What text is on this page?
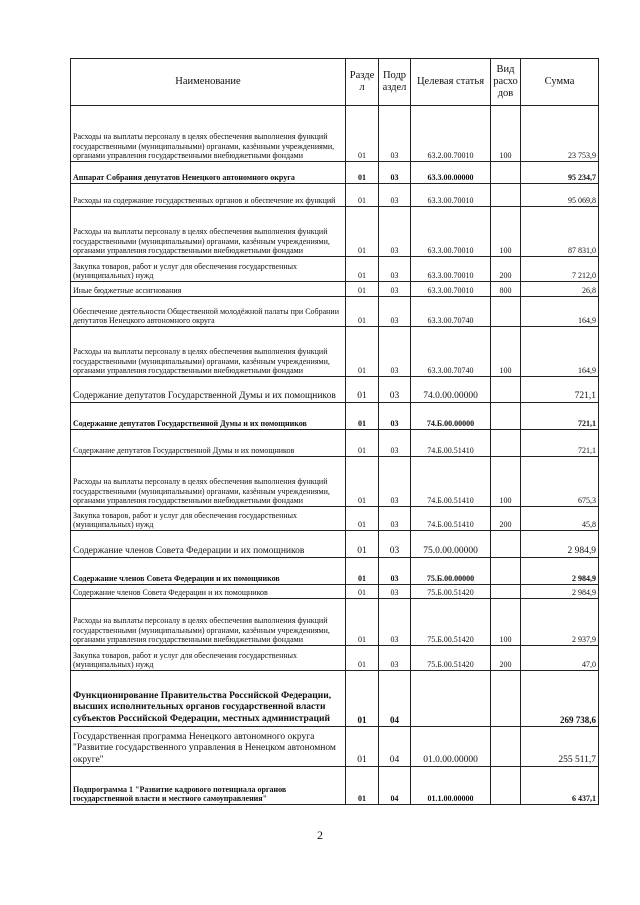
Наименование	Разде л	Подр аздел	Целевая статья	Вид расхо дов	Сумма
Расходы на выплаты персоналу в целях обеспечения выполнения функций государственными (муниципальными) органами, казёнными учреждениями, органами управления государственными внебюджетными фондами	01	03	63.2.00.70010	100	23 753,9
Аппарат Собрания депутатов Ненецкого автономного округа	01	03	63.3.00.00000		95 234,7
Расходы на содержание государственных органов и обеспечение их функций	01	03	63.3.00.70010		95 069,8
Расходы на выплаты персоналу в целях обеспечения выполнения функций государственными (муниципальными) органами, казённым учреждениями, органами управления государственными внебюджетными фондами	01	03	63.3.00.70010	100	87 831,0
Закупка товаров, работ и услуг для обеспечения государственных (муниципальных) нужд	01	03	63.3.00.70010	200	7 212,0
Иные бюджетные ассигнования	01	03	63.3.00.70010	800	26,8
Обеспечение деятельности Общественной молодёжной палаты при Собрании депутатов Ненецкого автономного округа	01	03	63.3.00.70740		164,9
Расходы на выплаты персоналу в целях обеспечения выполнения функций государственными (муниципальными) органами, казённым учреждениями, органами управления государственными внебюджетными фондами	01	03	63.3.00.70740	100	164,9
Содержание депутатов Государственной Думы и их помощников	01	03	74.0.00.00000		721,1
Содержание депутатов Государственной Думы и их помощников	01	03	74.Б.00.00000		721,1
Содержание депутатов Государственной Думы и их помощников	01	03	74.Б.00.51410		721,1
Расходы на выплаты персоналу в целях обеспечения выполнения функций государственными (муниципальными) органами, казённым учреждениями, органами управления государственными внебюджетными фондами	01	03	74.Б.00.51410	100	675,3
Закупка товаров, работ и услуг для обеспечения государственных (муниципальных) нужд	01	03	74.Б.00.51410	200	45,8
Содержание членов Совета Федерации и их помощников	01	03	75.0.00.00000		2 984,9
Содержание членов Совета Федерации и их помощников	01	03	75.Б.00.00000		2 984,9
Содержание членов Совета Федерации и их помощников	01	03	75.Б.00.51420		2 984,9
Расходы на выплаты персоналу в целях обеспечения выполнения функций государственными (муниципальными) органами, казённым учреждениями, органами управления государственными внебюджетными фондами	01	03	75.Б.00.51420	100	2 937,9
Закупка товаров, работ и услуг для обеспечения государственных (муниципальных) нужд	01	03	75.Б.00.51420	200	47,0
Функционирование Правительства Российской Федерации, высших исполнительных органов государственной власти субъектов Российской Федерации, местных администраций	01	04			269 738,6
Государственная программа Ненецкого автономного округа "Развитие государственного управления в Ненецком автономном округе"	01	04	01.0.00.00000		255 511,7
Подпрограмма 1 "Развитие кадрового потенциала органов государственной власти и местного самоуправления"	01	04	01.1.00.00000		6 437,1
2
